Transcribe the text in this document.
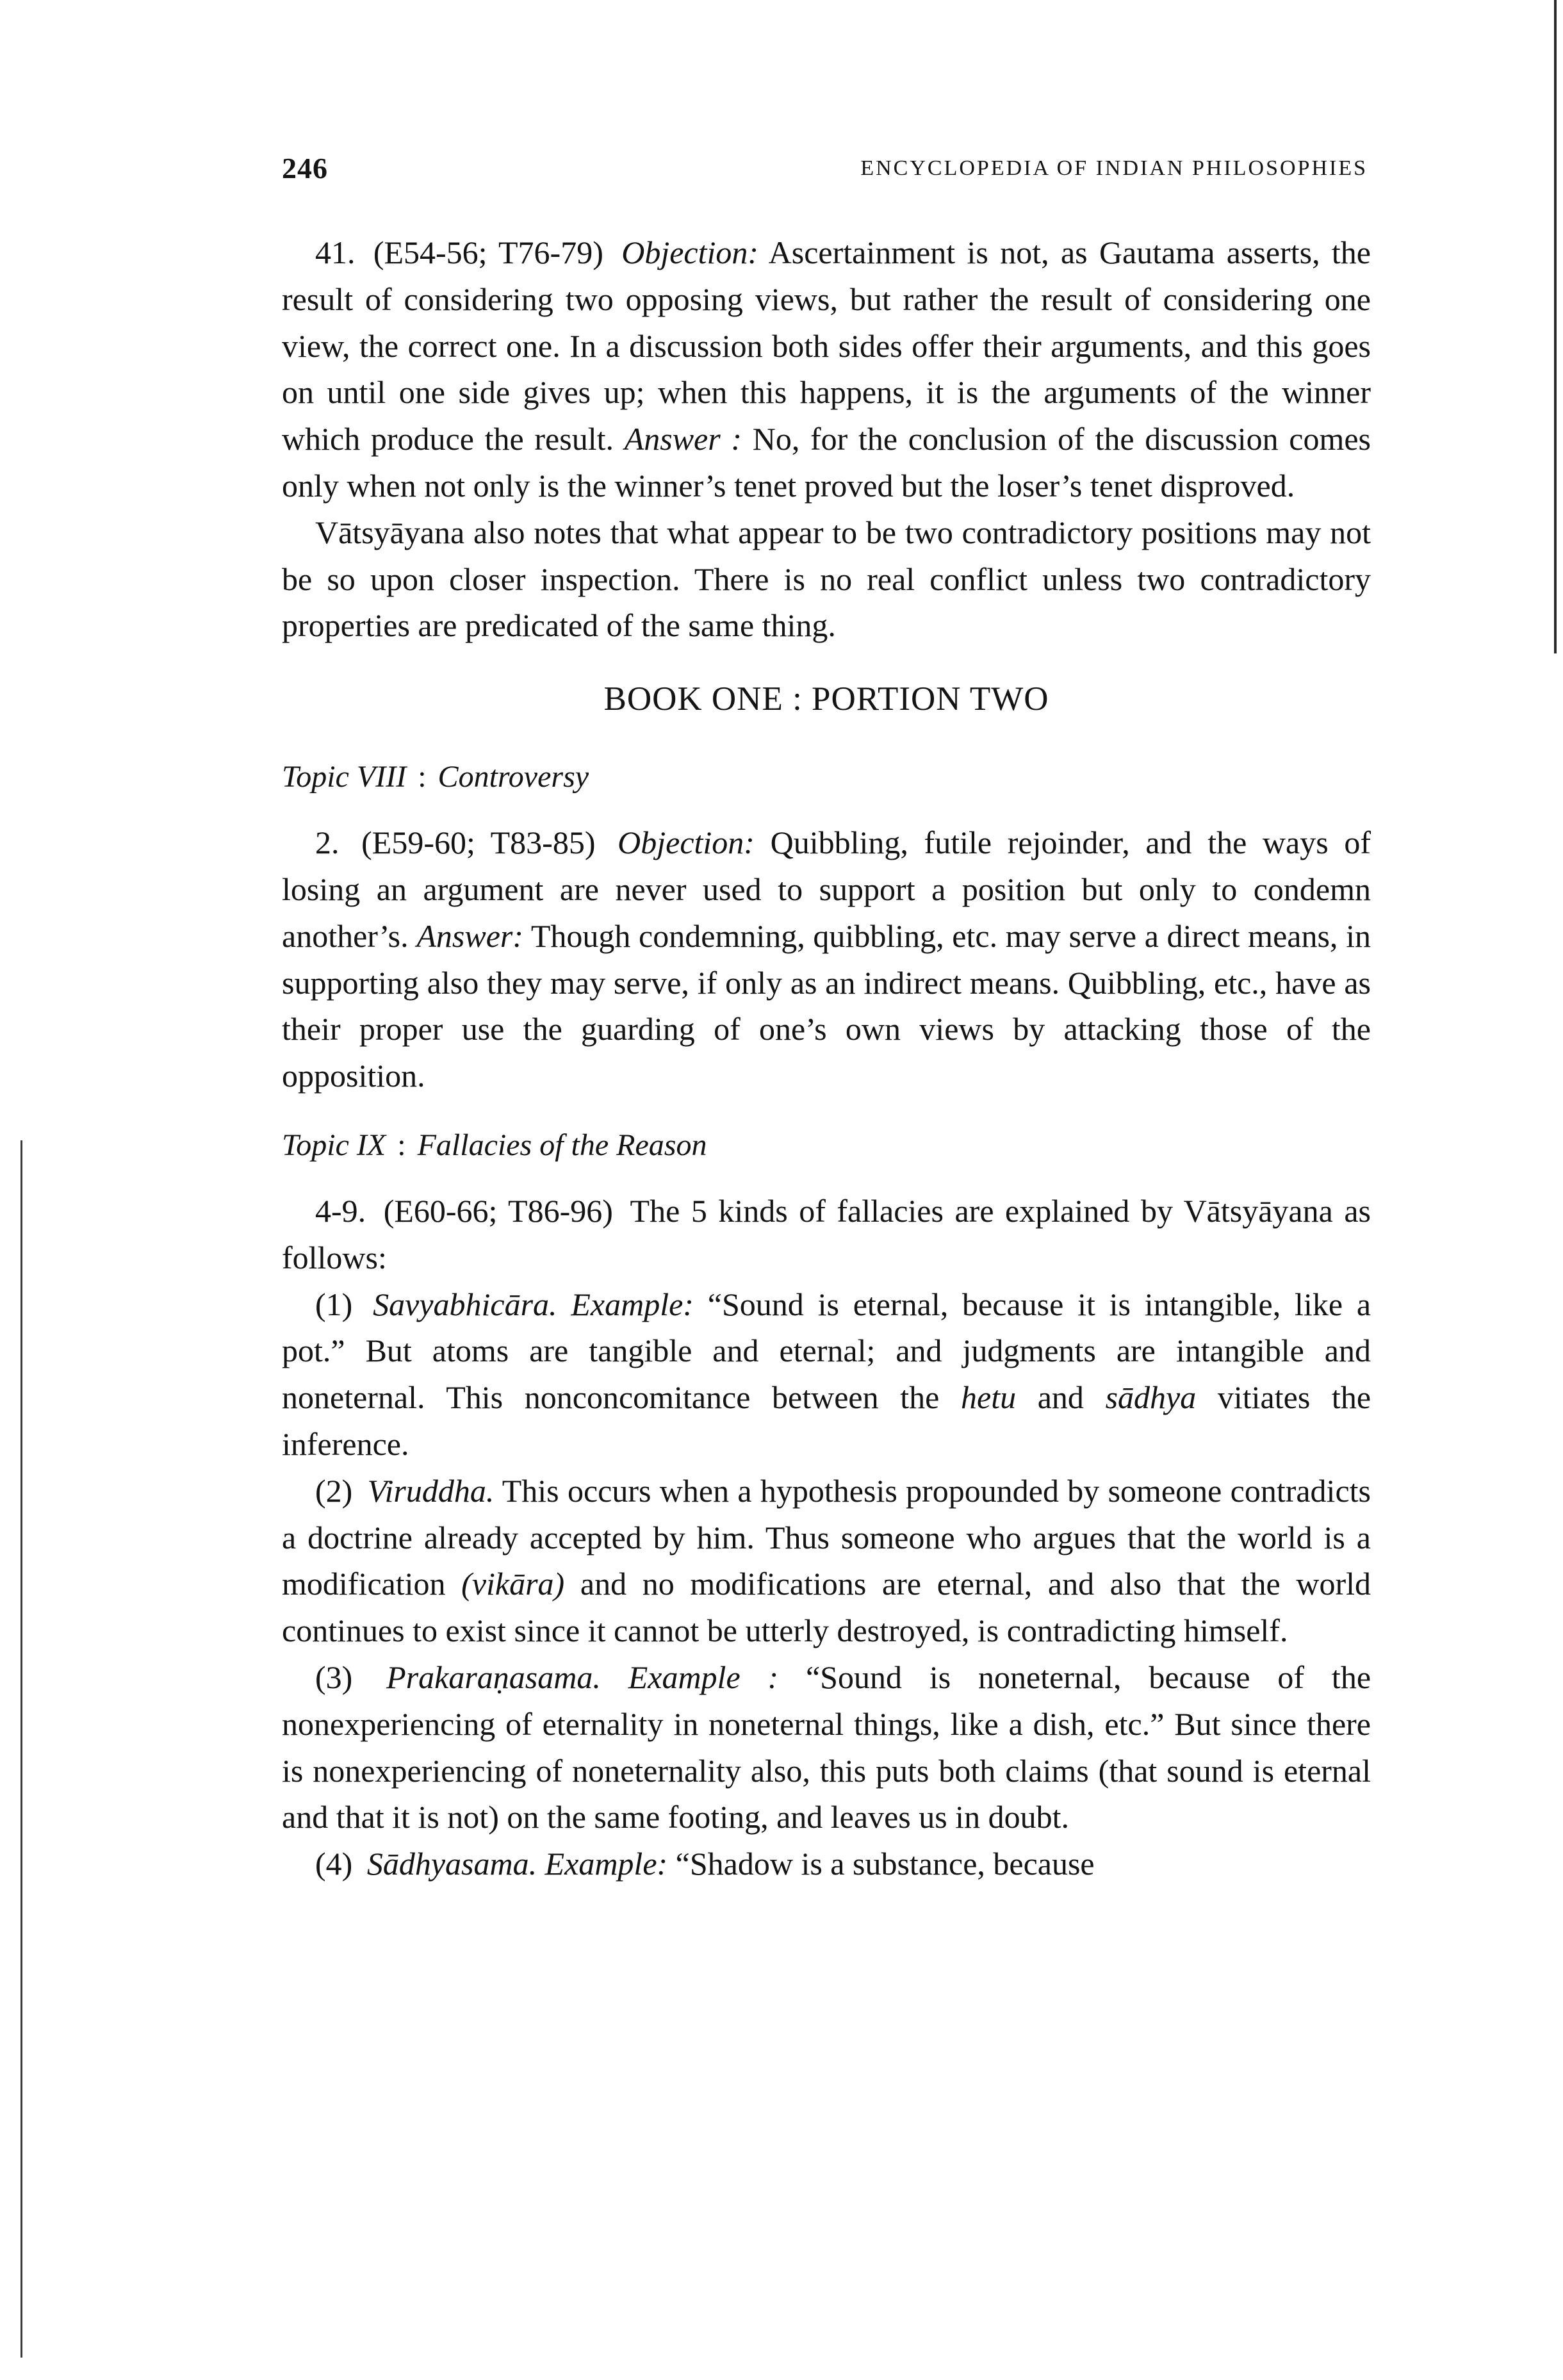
246	ENCYCLOPEDIA OF INDIAN PHILOSOPHIES

41. (E54-56; T76-79) Objection: Ascertainment is not, as Gautama asserts, the result of considering two opposing views, but rather the result of considering one view, the correct one. In a discussion both sides offer their arguments, and this goes on until one side gives up; when this happens, it is the arguments of the winner which produce the result. Answer : No, for the conclusion of the discussion comes only when not only is the winner’s tenet proved but the loser’s tenet disproved.

Vātsyāyana also notes that what appear to be two contradictory positions may not be so upon closer inspection. There is no real conflict unless two contradictory properties are predicated of the same thing.

BOOK ONE : PORTION TWO
Topic VIII : Controversy

2. (E59-60; T83-85) Objection: Quibbling, futile rejoinder, and the ways of losing an argument are never used to support a position but only to condemn another’s. Answer: Though condemning, quibbling, etc. may serve a direct means, in supporting also they may serve, if only as an indirect means. Quibbling, etc., have as their proper use the guarding of one’s own views by attacking those of the opposition.

Topic IX : Fallacies of the Reason

4-9. (E60-66; T86-96) The 5 kinds of fallacies are explained by Vātsyāyana as follows:

(1) Savyabhicāra. Example: “Sound is eternal, because it is intangible, like a pot.” But atoms are tangible and eternal; and judgments are intangible and noneternal. This nonconcomitance between the hetu and sādhya vitiates the inference.

(2) Viruddha. This occurs when a hypothesis propounded by someone contradicts a doctrine already accepted by him. Thus someone who argues that the world is a modification (vikāra) and no modifications are eternal, and also that the world continues to exist since it cannot be utterly destroyed, is contradicting himself.

(3) Prakaraṇasama. Example : “Sound is noneternal, because of the nonexperiencing of eternality in noneternal things, like a dish, etc.” But since there is nonexperiencing of noneternality also, this puts both claims (that sound is eternal and that it is not) on the same footing, and leaves us in doubt.

(4) Sādhyasama. Example: “Shadow is a substance, because
